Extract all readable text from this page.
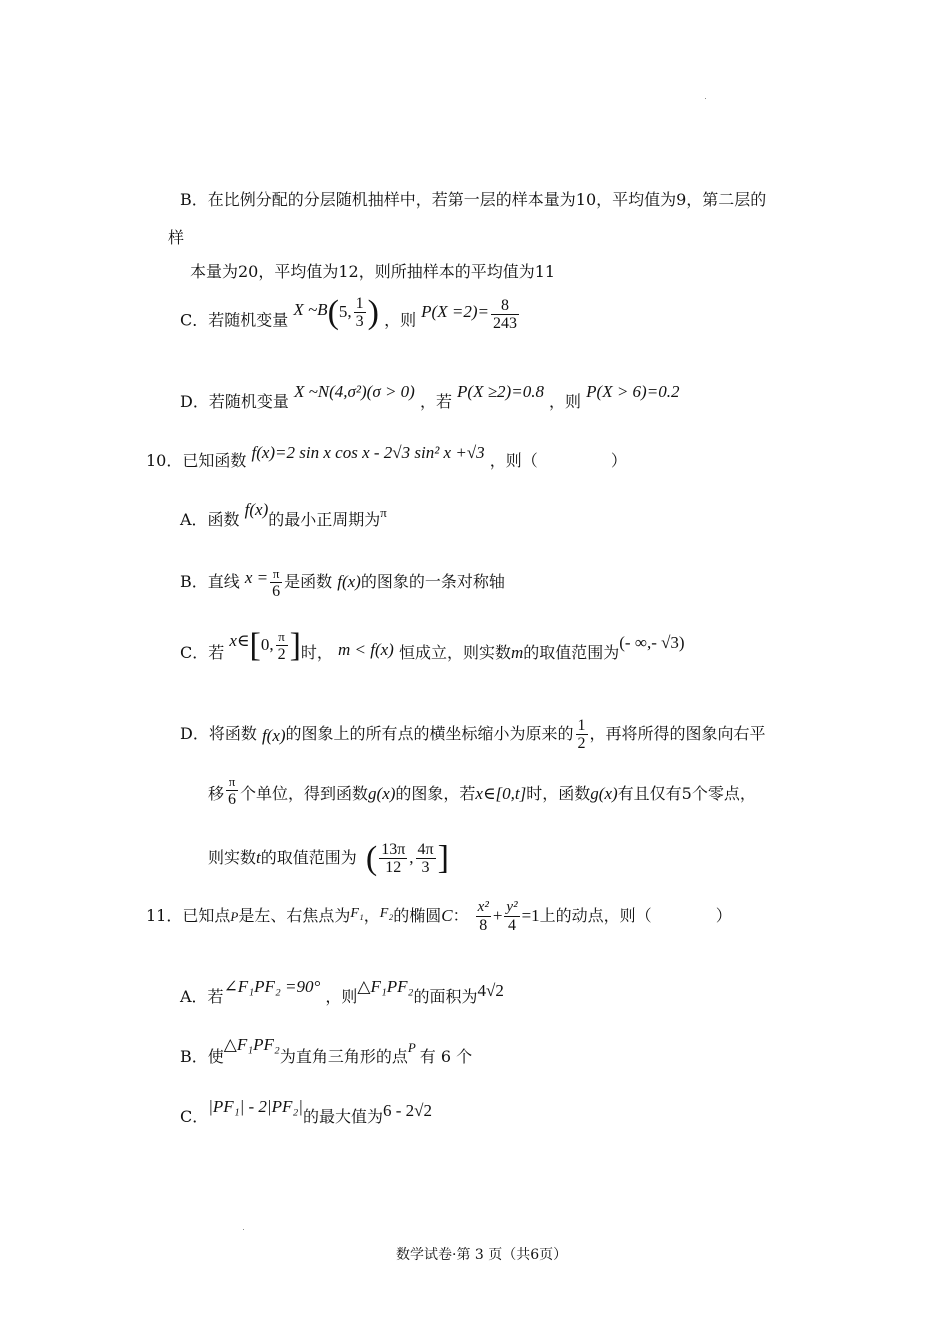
B．在比例分配的分层随机抽样中，若第一层的样本量为10，平均值为9，第二层的
样
本量为20，平均值为12，则所抽样本的平均值为11
C．若随机变量 X ~B(5, $\frac{1}{3}$ ) ，则 $P(X =2)= \frac{8}{243}$
D．若随机变量 X ~N(4,σ²)(σ > 0) ，若 P(X ≥2)=0.8 ，则 P(X > 6)=0.2
10．已知函数 f(x)=2 sin x cos x - 2√3 sin² x +√3 ，则（	）
A．函数 f(x)的最小正周期为$^\pi$
B．直线 $x = \frac{\pi}{6}$ 是函数 f(x)的图象的一条对称轴
C．若 x∈[0, $\frac{\pi}{2}$ ]时， m < f(x) 恒成立，则实数m的取值范围为(- ∞,- √3)
D．将函数 f(x)的图象上的所有点的横坐标缩小为原来的 $\frac{1}{2}$ ，再将所得的图象向右平
移 $\frac{\pi}{6}$ 个单位，得到函数g(x)的图象，若x∈[0,t]时，函数g(x)有且仅有5个零点，
则实数t的取值范围为 ( $\frac{13\pi}{12}$ , $\frac{4\pi}{3}$ ]
11．已知点P是左、右焦点为F₁，F₂的椭圆C： $\frac{\text{x²}}{8} + \frac{\text{y²}}{4} =1$上的动点，则（	）
A．若∠F₁PF₂ =90° ，则△F₁PF₂的面积为4√2
B．使△F₁PF₂为直角三角形的点$^P$ 有 6 个
C．|PF₁| - 2|PF₂|的最大值为6 - 2√2
数学试卷·第 3 页（共6页）
